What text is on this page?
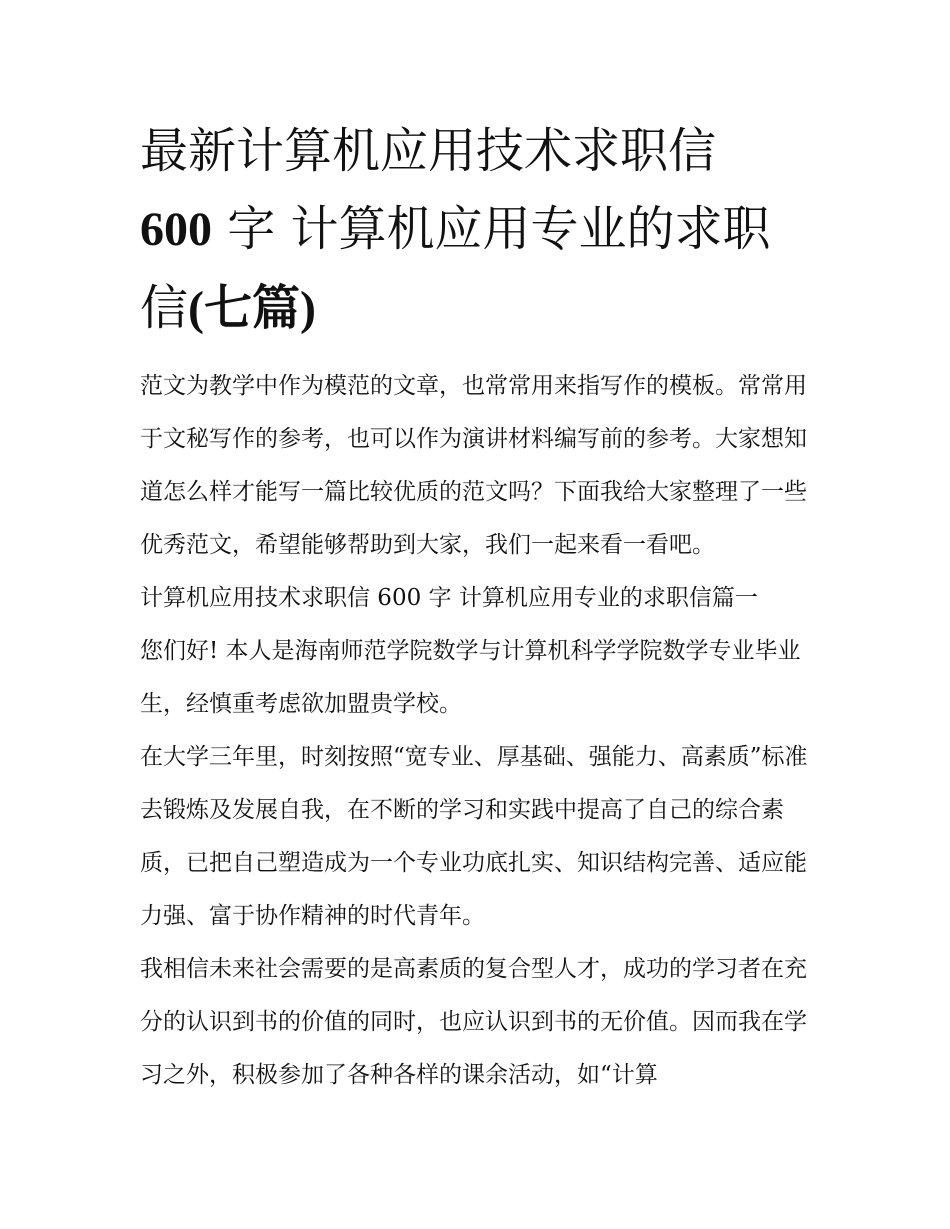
最新计算机应用技术求职信
600 字 计算机应用专业的求职
信(七篇)

范文为教学中作为模范的文章，也常常用来指写作的模板。常常用于文秘写作的参考，也可以作为演讲材料编写前的参考。大家想知道怎么样才能写一篇比较优质的范文吗？下面我给大家整理了一些优秀范文，希望能够帮助到大家，我们一起来看一看吧。

计算机应用技术求职信 600 字 计算机应用专业的求职信篇一

您们好! 本人是海南师范学院数学与计算机科学学院数学专业毕业生，经慎重考虑欲加盟贵学校。

在大学三年里，时刻按照“宽专业、厚基础、强能力、高素质”标准去锻炼及发展自我，在不断的学习和实践中提高了自己的综合素质，已把自己塑造成为一个专业功底扎实、知识结构完善、适应能力强、富于协作精神的时代青年。

我相信未来社会需要的是高素质的复合型人才，成功的学习者在充分的认识到书的价值的同时，也应认识到书的无价值。因而我在学习之外，积极参加了各种各样的课余活动，如“计算
